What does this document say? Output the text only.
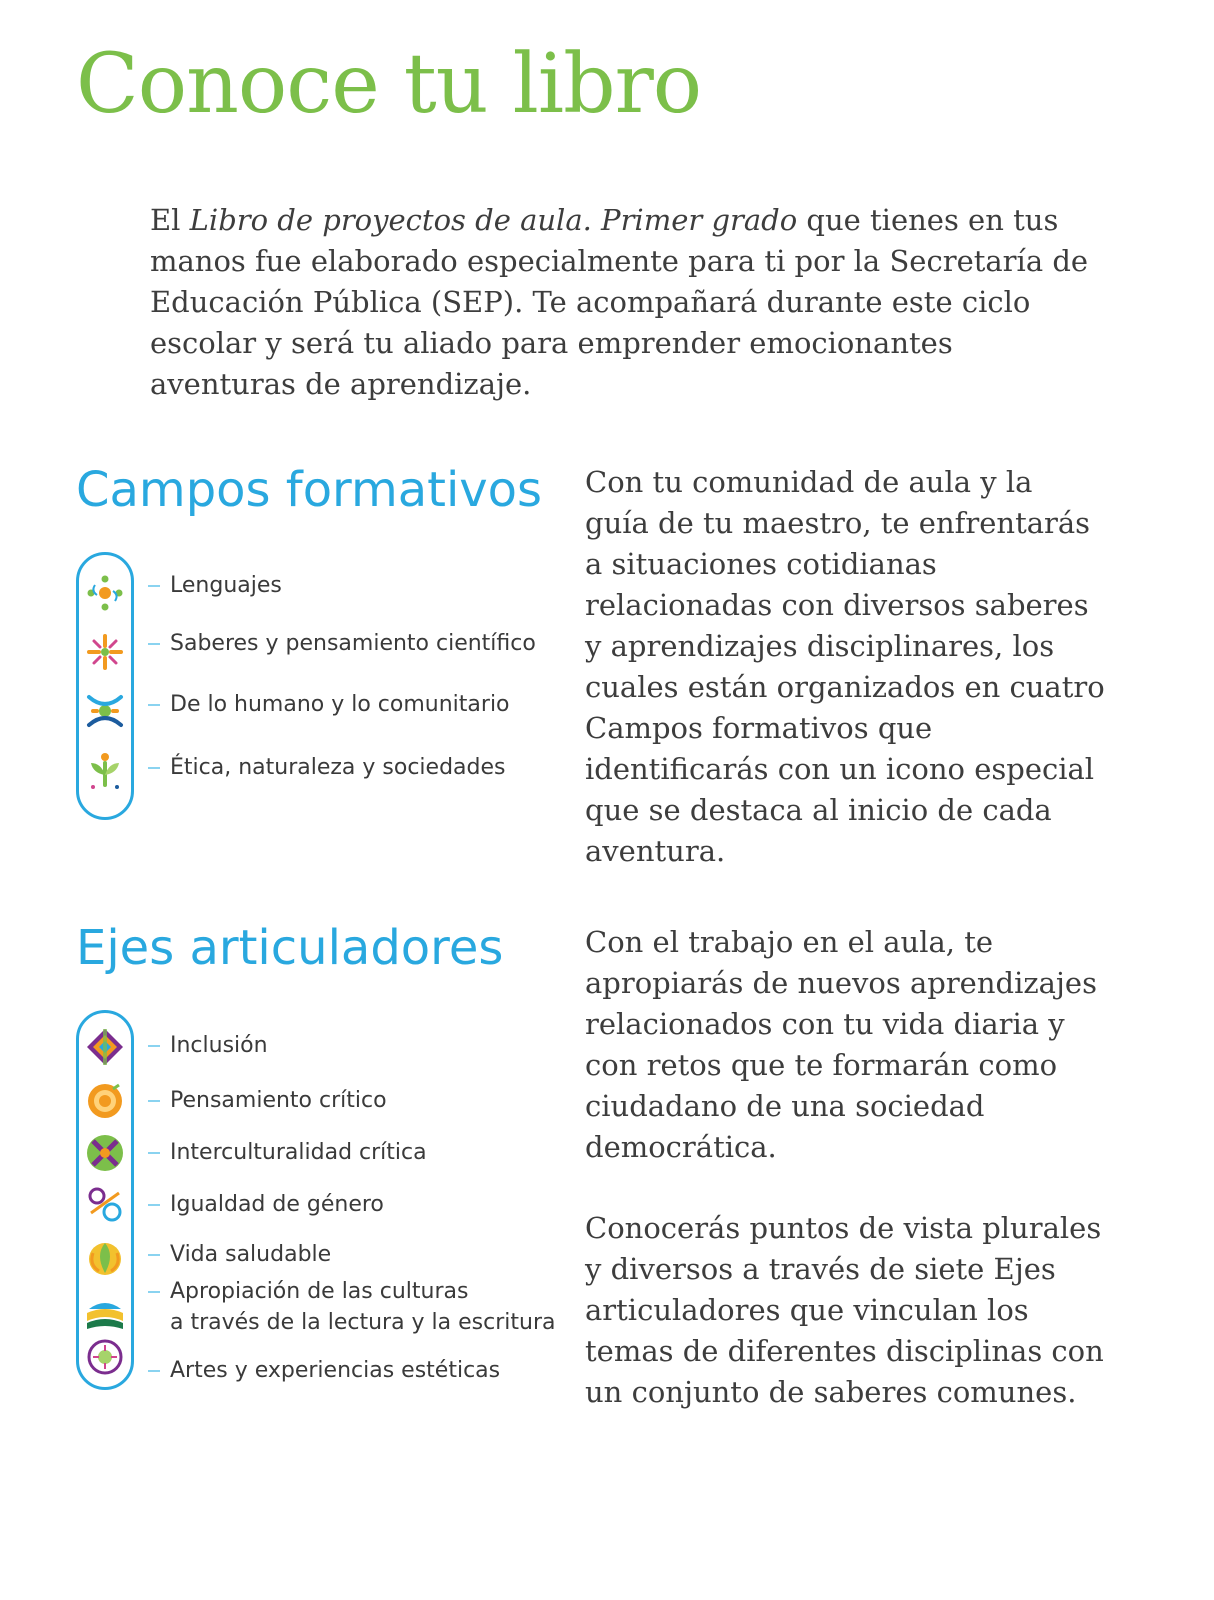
Conoce tu libro

El Libro de proyectos de aula. Primer grado que tienes en tus manos fue elaborado especialmente para ti por la Secretaría de Educación Pública (SEP). Te acompañará durante este ciclo escolar y será tu aliado para emprender emocionantes aventuras de aprendizaje.

Campos formativos
Lenguajes
Saberes y pensamiento científico
De lo humano y lo comunitario
Ética, naturaleza y sociedades

Con tu comunidad de aula y la guía de tu maestro, te enfrentarás a situaciones cotidianas relacionadas con diversos saberes y aprendizajes disciplinares, los cuales están organizados en cuatro Campos formativos que identificarás con un icono especial que se destaca al inicio de cada aventura.

Ejes articuladores
Inclusión
Pensamiento crítico
Interculturalidad crítica
Igualdad de género
Vida saludable
Apropiación de las culturas
a través de la lectura y la escritura
Artes y experiencias estéticas

Con el trabajo en el aula, te apropiarás de nuevos aprendizajes relacionados con tu vida diaria y con retos que te formarán como ciudadano de una sociedad democrática.

Conocerás puntos de vista plurales y diversos a través de siete Ejes articuladores que vinculan los temas de diferentes disciplinas con un conjunto de saberes comunes.
